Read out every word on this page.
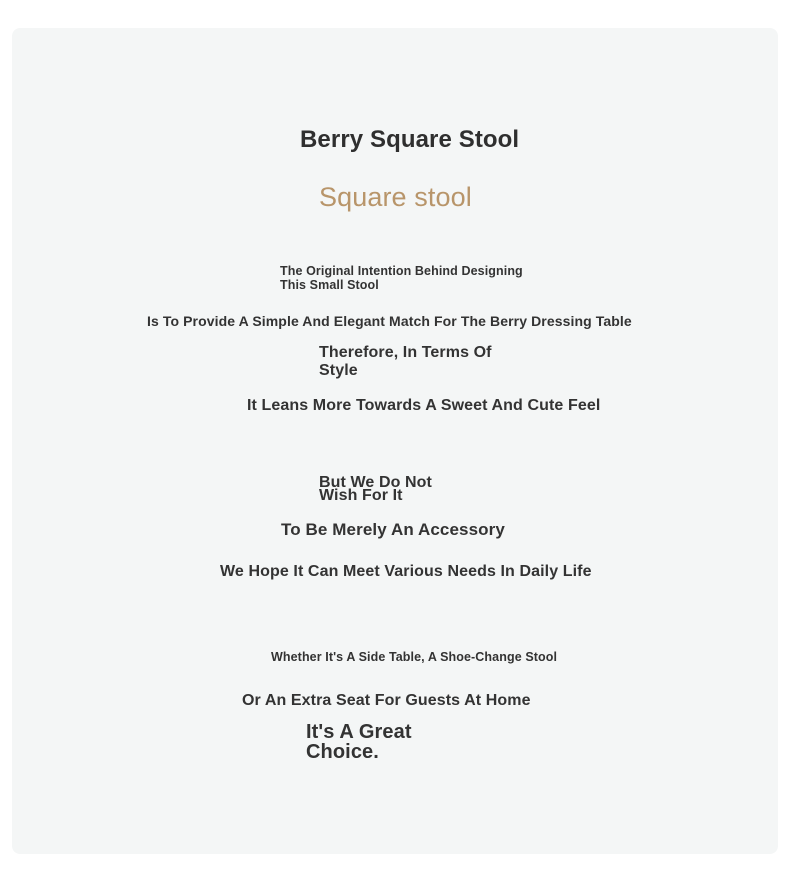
Berry Square Stool
Square stool
The Original Intention Behind Designing This Small Stool
Is To Provide A Simple And Elegant Match For The Berry Dressing Table
Therefore, In Terms Of Style
It Leans More Towards A Sweet And Cute Feel
But We Do Not Wish For It
To Be Merely An Accessory
We Hope It Can Meet Various Needs In Daily Life
Whether It's A Side Table, A Shoe-Change Stool
Or An Extra Seat For Guests At Home
It's A Great Choice.
